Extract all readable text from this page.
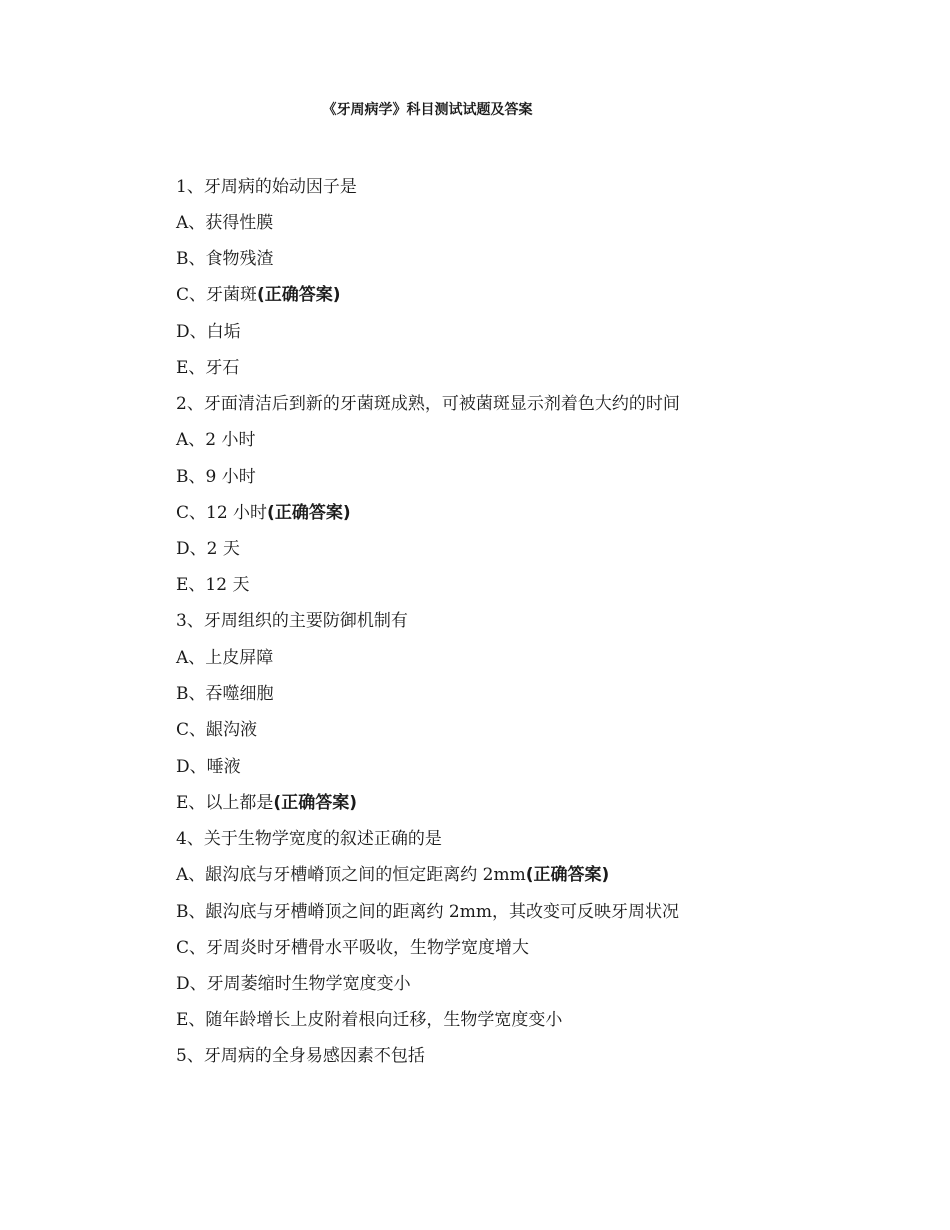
《牙周病学》科目测试试题及答案
1、牙周病的始动因子是
A、获得性膜
B、食物残渣
C、牙菌斑(正确答案)
D、白垢
E、牙石
2、牙面清洁后到新的牙菌斑成熟，可被菌斑显示剂着色大约的时间
A、2 小时
B、9 小时
C、12 小时(正确答案)
D、2 天
E、12 天
3、牙周组织的主要防御机制有
A、上皮屏障
B、吞噬细胞
C、龈沟液
D、唾液
E、以上都是(正确答案)
4、关于生物学宽度的叙述正确的是
A、龈沟底与牙槽嵴顶之间的恒定距离约 2mm(正确答案)
B、龈沟底与牙槽嵴顶之间的距离约 2mm，其改变可反映牙周状况
C、牙周炎时牙槽骨水平吸收，生物学宽度增大
D、牙周萎缩时生物学宽度变小
E、随年龄增长上皮附着根向迁移，生物学宽度变小
5、牙周病的全身易感因素不包括
